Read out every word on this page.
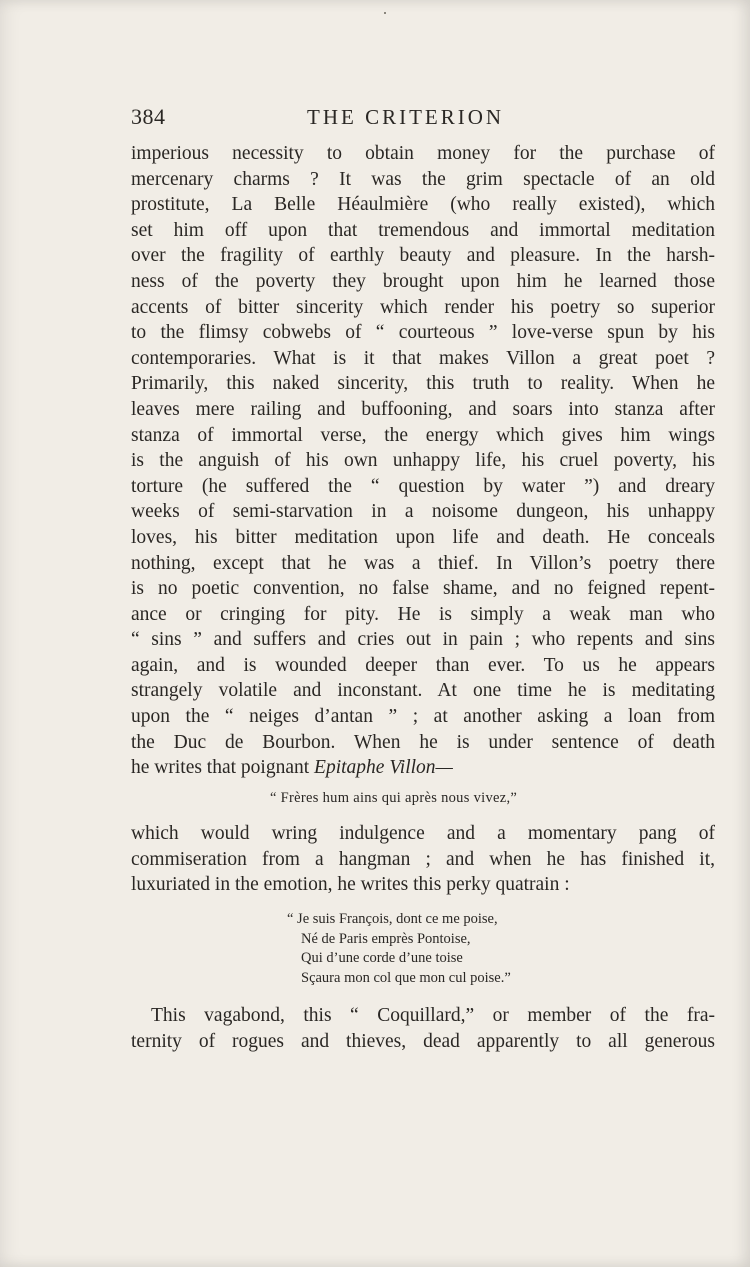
384	THE CRITERION
imperious necessity to obtain money for the purchase of
mercenary charms ? It was the grim spectacle of an old
prostitute, La Belle Héaulmière (who really existed), which
set him off upon that tremendous and immortal meditation
over the fragility of earthly beauty and pleasure. In the harsh-
ness of the poverty they brought upon him he learned those
accents of bitter sincerity which render his poetry so superior
to the flimsy cobwebs of “ courteous ” love-verse spun by his
contemporaries. What is it that makes Villon a great poet ?
Primarily, this naked sincerity, this truth to reality. When he
leaves mere railing and buffooning, and soars into stanza after
stanza of immortal verse, the energy which gives him wings
is the anguish of his own unhappy life, his cruel poverty, his
torture (he suffered the “ question by water ”) and dreary
weeks of semi-starvation in a noisome dungeon, his unhappy
loves, his bitter meditation upon life and death. He conceals
nothing, except that he was a thief. In Villon’s poetry there
is no poetic convention, no false shame, and no feigned repent-
ance or cringing for pity. He is simply a weak man who
“ sins ” and suffers and cries out in pain ; who repents and sins
again, and is wounded deeper than ever. To us he appears
strangely volatile and inconstant. At one time he is meditating
upon the “ neiges d’antan ” ; at another asking a loan from
the Duc de Bourbon. When he is under sentence of death
he writes that poignant Epitaphe Villon—
“ Frères hum ains qui après nous vivez,”
which would wring indulgence and a momentary pang of
commiseration from a hangman ; and when he has finished it,
luxuriated in the emotion, he writes this perky quatrain :
“ Je suis François, dont ce me poise,
Né de Paris emprès Pontoise,
Qui d’une corde d’une toise
Sçaura mon col que mon cul poise.”
This vagabond, this “ Coquillard,” or member of the fra-
ternity of rogues and thieves, dead apparently to all generous
